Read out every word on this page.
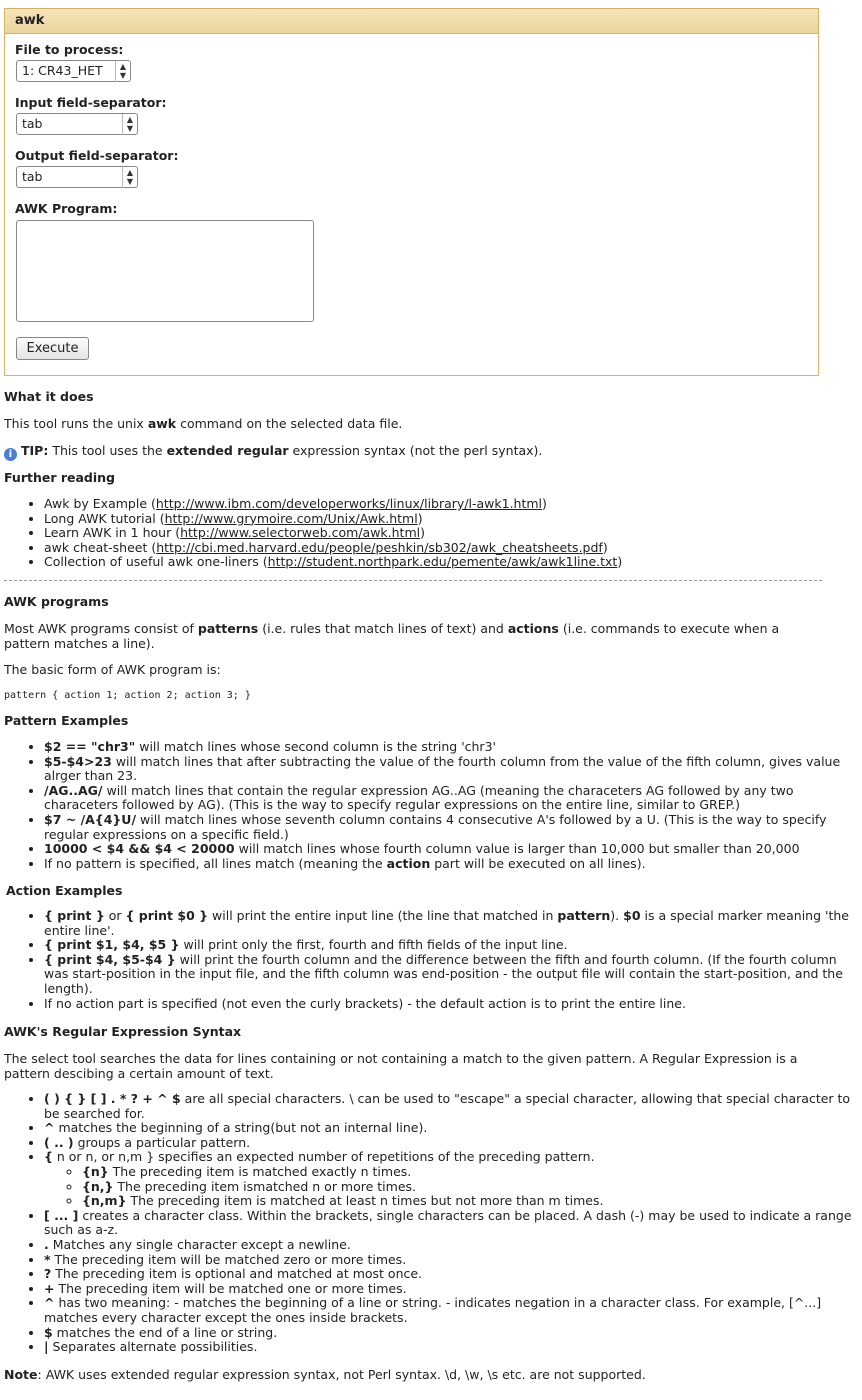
awk
File to process:
1: CR43_HET	▲
▼
Input field-separator:
tab	▲
▼
Output field-separator:
tab	▲
▼
AWK Program:
Execute
What it does

This tool runs the unix awk command on the selected data file.

i TIP: This tool uses the extended regular expression syntax (not the perl syntax).

Further reading
• Awk by Example (http://www.ibm.com/developerworks/linux/library/l-awk1.html)
• Long AWK tutorial (http://www.grymoire.com/Unix/Awk.html)
• Learn AWK in 1 hour (http://www.selectorweb.com/awk.html)
• awk cheat-sheet (http://cbi.med.harvard.edu/people/peshkin/sb302/awk_cheatsheets.pdf)
• Collection of useful awk one-liners (http://student.northpark.edu/pemente/awk/awk1line.txt)
AWK programs

Most AWK programs consist of patterns (i.e. rules that match lines of text) and actions (i.e. commands to execute when a pattern matches a line).

The basic form of AWK program is:

pattern { action 1; action 2; action 3; }

Pattern Examples
• $2 == "chr3" will match lines whose second column is the string 'chr3'
• $5-$4>23 will match lines that after subtracting the value of the fourth column from the value of the fifth column, gives value alrger than 23.
• /AG..AG/ will match lines that contain the regular expression AG..AG (meaning the characeters AG followed by any two characeters followed by AG). (This is the way to specify regular expressions on the entire line, similar to GREP.)
• $7 ~ /A{4}U/ will match lines whose seventh column contains 4 consecutive A's followed by a U. (This is the way to specify regular expressions on a specific field.)
• 10000 < $4 && $4 < 20000 will match lines whose fourth column value is larger than 10,000 but smaller than 20,000
• If no pattern is specified, all lines match (meaning the action part will be executed on all lines).
Action Examples
• { print } or { print $0 } will print the entire input line (the line that matched in pattern). $0 is a special marker meaning 'the entire line'.
• { print $1, $4, $5 } will print only the first, fourth and fifth fields of the input line.
• { print $4, $5-$4 } will print the fourth column and the difference between the fifth and fourth column. (If the fourth column was start-position in the input file, and the fifth column was end-position - the output file will contain the start-position, and the length).
• If no action part is specified (not even the curly brackets) - the default action is to print the entire line.
AWK's Regular Expression Syntax

The select tool searches the data for lines containing or not containing a match to the given pattern. A Regular Expression is a pattern descibing a certain amount of text.

• ( ) { } [ ] . * ? + ^ $ are all special characters. \ can be used to "escape" a special character, allowing that special character to be searched for.
• ^ matches the beginning of a string(but not an internal line).
• ( .. ) groups a particular pattern.
• { n or n, or n,m } specifies an expected number of repetitions of the preceding pattern.
◦ {n} The preceding item is matched exactly n times.
◦ {n,} The preceding item ismatched n or more times.
◦ {n,m} The preceding item is matched at least n times but not more than m times.
• [ ... ] creates a character class. Within the brackets, single characters can be placed. A dash (-) may be used to indicate a range such as a-z.
• . Matches any single character except a newline.
• * The preceding item will be matched zero or more times.
• ? The preceding item is optional and matched at most once.
• + The preceding item will be matched one or more times.
• ^ has two meaning: - matches the beginning of a line or string. - indicates negation in a character class. For example, [^...] matches every character except the ones inside brackets.
• $ matches the end of a line or string.
• | Separates alternate possibilities.

Note: AWK uses extended regular expression syntax, not Perl syntax. \d, \w, \s etc. are not supported.
